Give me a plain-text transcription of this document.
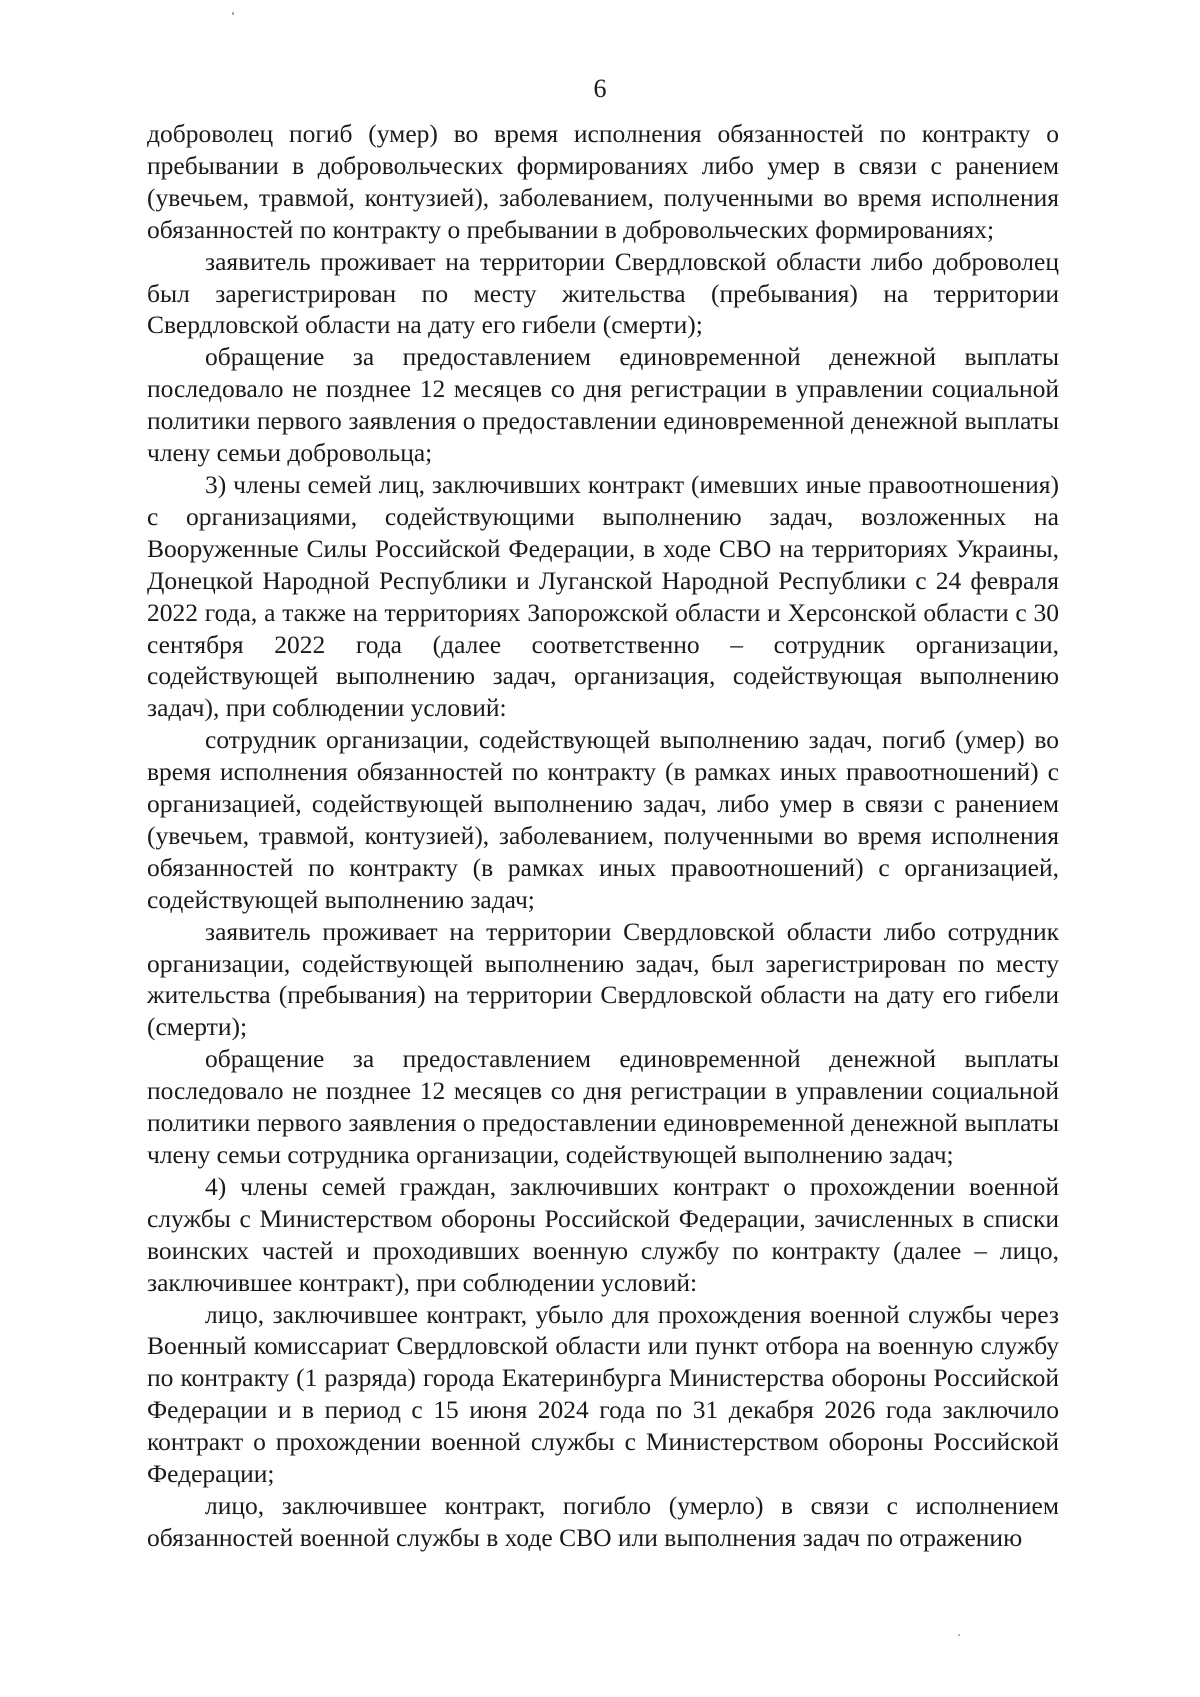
6

доброволец погиб (умер) во время исполнения обязанностей по контракту о пребывании в добровольческих формированиях либо умер в связи с ранением (увечьем, травмой, контузией), заболеванием, полученными во время исполнения обязанностей по контракту о пребывании в добровольческих формированиях;

заявитель проживает на территории Свердловской области либо доброволец был зарегистрирован по месту жительства (пребывания) на территории Свердловской области на дату его гибели (смерти);

обращение за предоставлением единовременной денежной выплаты последовало не позднее 12 месяцев со дня регистрации в управлении социальной политики первого заявления о предоставлении единовременной денежной выплаты члену семьи добровольца;

3) члены семей лиц, заключивших контракт (имевших иные правоотношения) с организациями, содействующими выполнению задач, возложенных на Вооруженные Силы Российской Федерации, в ходе СВО на территориях Украины, Донецкой Народной Республики и Луганской Народной Республики с 24 февраля 2022 года, а также на территориях Запорожской области и Херсонской области с 30 сентября 2022 года (далее соответственно – сотрудник организации, содействующей выполнению задач, организация, содействующая выполнению задач), при соблюдении условий:

сотрудник организации, содействующей выполнению задач, погиб (умер) во время исполнения обязанностей по контракту (в рамках иных правоотношений) с организацией, содействующей выполнению задач, либо умер в связи с ранением (увечьем, травмой, контузией), заболеванием, полученными во время исполнения обязанностей по контракту (в рамках иных правоотношений) с организацией, содействующей выполнению задач;

заявитель проживает на территории Свердловской области либо сотрудник организации, содействующей выполнению задач, был зарегистрирован по месту жительства (пребывания) на территории Свердловской области на дату его гибели (смерти);

обращение за предоставлением единовременной денежной выплаты последовало не позднее 12 месяцев со дня регистрации в управлении социальной политики первого заявления о предоставлении единовременной денежной выплаты члену семьи сотрудника организации, содействующей выполнению задач;

4) члены семей граждан, заключивших контракт о прохождении военной службы с Министерством обороны Российской Федерации, зачисленных в списки воинских частей и проходивших военную службу по контракту (далее – лицо, заключившее контракт), при соблюдении условий:

лицо, заключившее контракт, убыло для прохождения военной службы через Военный комиссариат Свердловской области или пункт отбора на военную службу по контракту (1 разряда) города Екатеринбурга Министерства обороны Российской Федерации и в период с 15 июня 2024 года по 31 декабря 2026 года заключило контракт о прохождении военной службы с Министерством обороны Российской Федерации;

лицо, заключившее контракт, погибло (умерло) в связи с исполнением обязанностей военной службы в ходе СВО или выполнения задач по отражению
